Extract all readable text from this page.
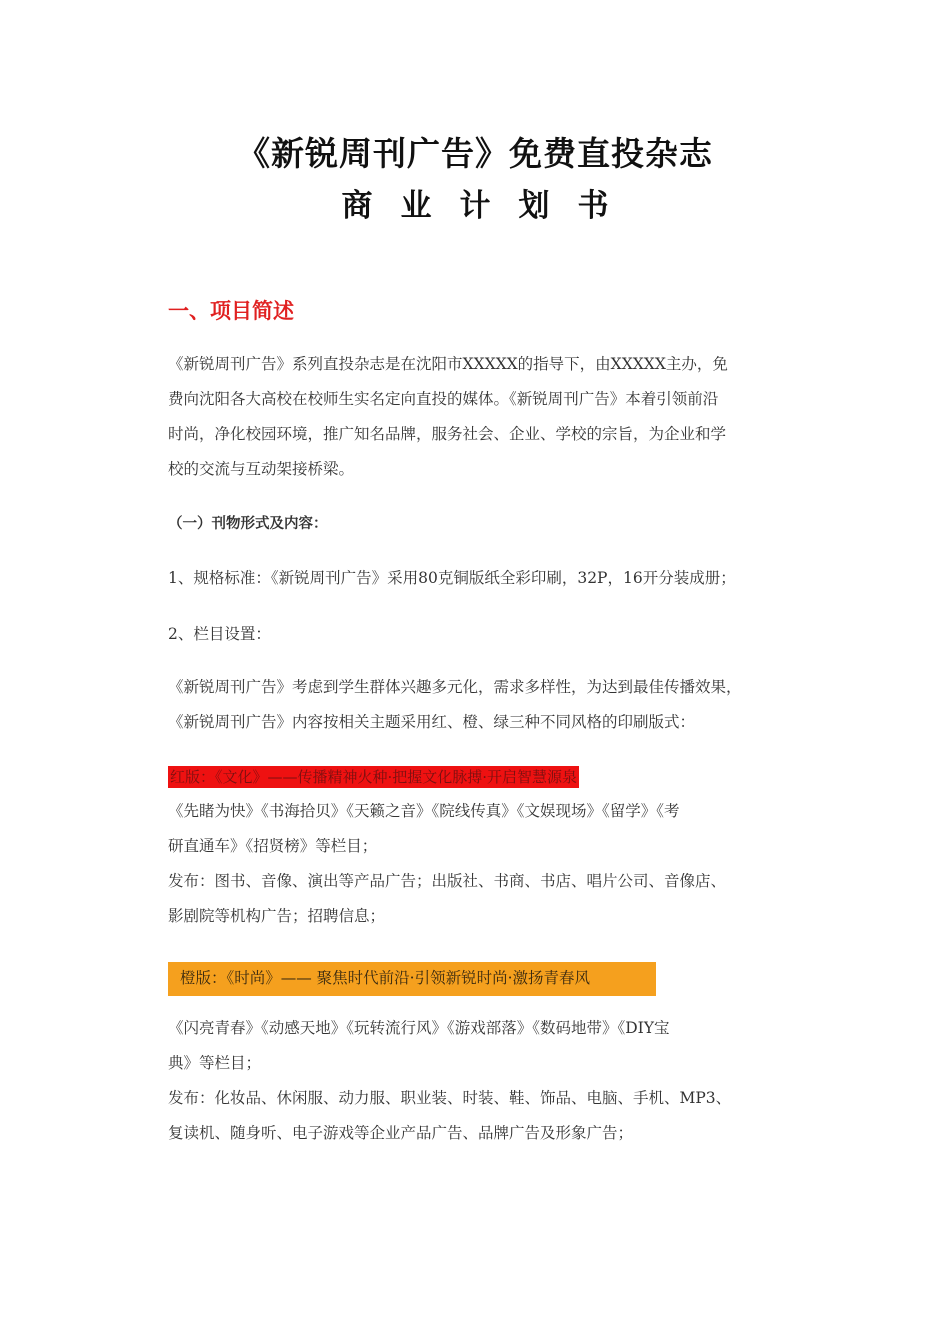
《新锐周刊广告》免费直投杂志
商业计划书
一、项目简述
《新锐周刊广告》系列直投杂志是在沈阳市XXXXX的指导下，由XXXXX主办，免
费向沈阳各大高校在校师生实名定向直投的媒体。《新锐周刊广告》本着引领前沿
时尚，净化校园环境，推广知名品牌，服务社会、企业、学校的宗旨，为企业和学
校的交流与互动架接桥梁。
（一）刊物形式及内容：
1、规格标准：《新锐周刊广告》采用80克铜版纸全彩印刷，32P，16开分装成册；
2、栏目设置：
《新锐周刊广告》考虑到学生群体兴趣多元化，需求多样性，为达到最佳传播效果，
《新锐周刊广告》内容按相关主题采用红、橙、绿三种不同风格的印刷版式：
红版：《文化》——传播精神火种·把握文化脉搏·开启智慧源泉
《先睹为快》《书海拾贝》《天籁之音》《院线传真》《文娱现场》《留学》《考
研直通车》《招贤榜》等栏目；
发布：图书、音像、演出等产品广告；出版社、书商、书店、唱片公司、音像店、
影剧院等机构广告；招聘信息；
橙版：《时尚》—— 聚焦时代前沿·引领新锐时尚·激扬青春风
《闪亮青春》《动感天地》《玩转流行风》《游戏部落》《数码地带》《DIY宝
典》等栏目；
发布：化妆品、休闲服、动力服、职业装、时装、鞋、饰品、电脑、手机、MP3、
复读机、随身听、电子游戏等企业产品广告、品牌广告及形象广告；
